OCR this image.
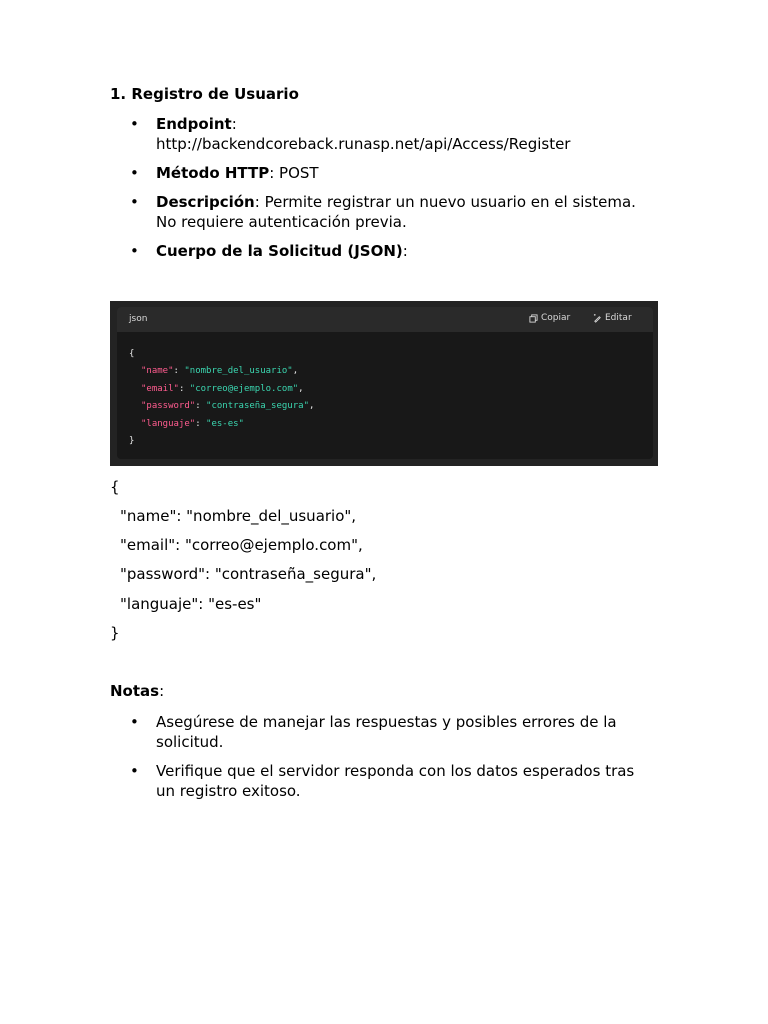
1. Registro de Usuario
• Endpoint:
http://backendcoreback.runasp.net/api/Access/Register
• Método HTTP: POST
• Descripción: Permite registrar un nuevo usuario en el sistema.
No requiere autenticación previa.
• Cuerpo de la Solicitud (JSON):
json	Copiar	Editar
{
"name": "nombre_del_usuario",
"email": "correo@ejemplo.com",
"password": "contraseña_segura",
"languaje": "es-es"
}
{
"name": "nombre_del_usuario",
"email": "correo@ejemplo.com",
"password": "contraseña_segura",
"languaje": "es-es"
}
Notas:
• Asegúrese de manejar las respuestas y posibles errores de la
solicitud.
• Verifique que el servidor responda con los datos esperados tras
un registro exitoso.
